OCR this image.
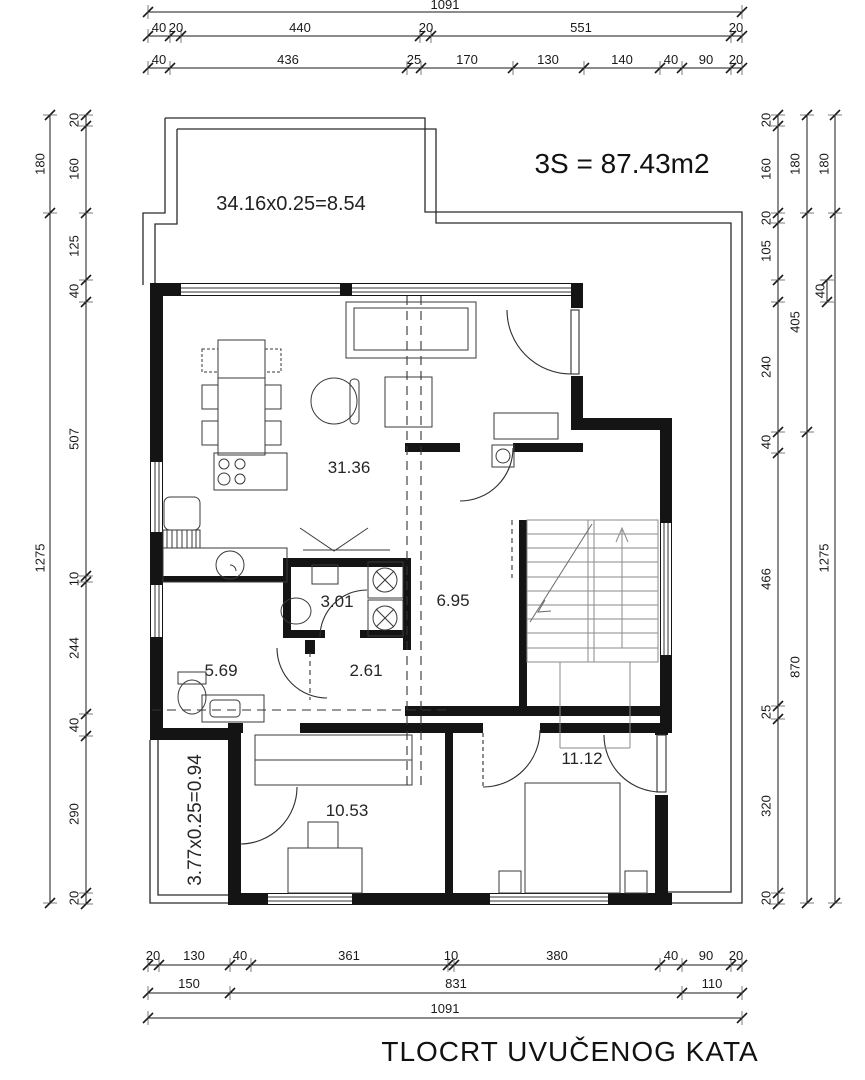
3S = 87.43m2
34.16x0.25=8.54
3.77x0.25=0.94
TLOCRT UVUČENOG KATA
31.36
3.01	6.95
5.69	2.61
10.53
11.12
1091
40 20	440	20	551	20
40	436	25	170	130	140 40 90 20
20 130 40	361	10	380	40 90 20
150	831	110
1091
180
1275
20
160
125
40
507
10
244
40
290
20
20
160
20
105
40
240
40
466
25
320
20
180
405
870
180
1275
